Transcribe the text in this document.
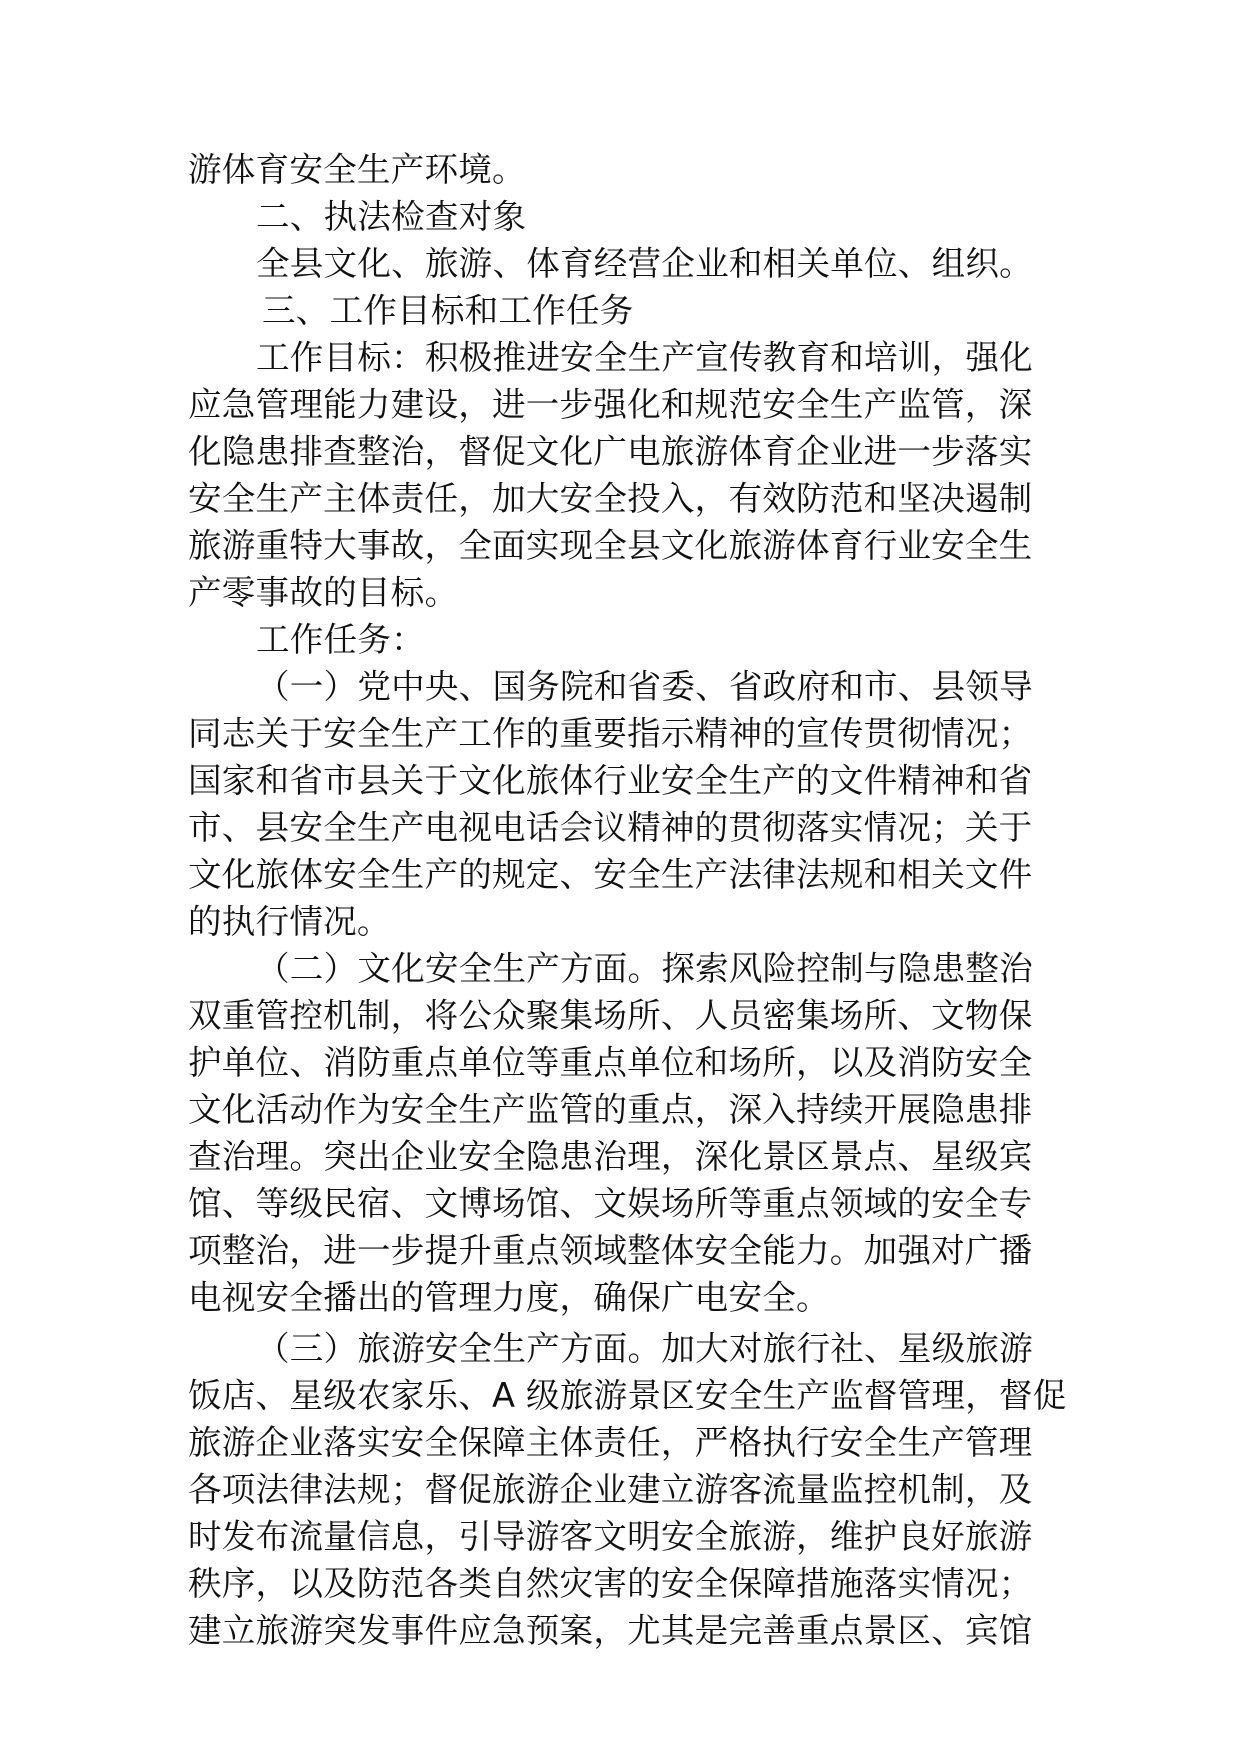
游体育安全生产环境。
二、执法检查对象
全县文化、旅游、体育经营企业和相关单位、组织。
三、工作目标和工作任务
工作目标：积极推进安全生产宣传教育和培训，强化
应急管理能力建设，进一步强化和规范安全生产监管，深
化隐患排查整治，督促文化广电旅游体育企业进一步落实
安全生产主体责任，加大安全投入，有效防范和坚决遏制
旅游重特大事故，全面实现全县文化旅游体育行业安全生
产零事故的目标。
工作任务：
（一）党中央、国务院和省委、省政府和市、县领导
同志关于安全生产工作的重要指示精神的宣传贯彻情况；
国家和省市县关于文化旅体行业安全生产的文件精神和省
市、县安全生产电视电话会议精神的贯彻落实情况；关于
文化旅体安全生产的规定、安全生产法律法规和相关文件
的执行情况。
（二）文化安全生产方面。探索风险控制与隐患整治
双重管控机制，将公众聚集场所、人员密集场所、文物保
护单位、消防重点单位等重点单位和场所，以及消防安全
文化活动作为安全生产监管的重点，深入持续开展隐患排
查治理。突出企业安全隐患治理，深化景区景点、星级宾
馆、等级民宿、文博场馆、文娱场所等重点领域的安全专
项整治，进一步提升重点领域整体安全能力。加强对广播
电视安全播出的管理力度，确保广电安全。
（三）旅游安全生产方面。加大对旅行社、星级旅游
饭店、星级农家乐、A 级旅游景区安全生产监督管理，督促
旅游企业落实安全保障主体责任，严格执行安全生产管理
各项法律法规；督促旅游企业建立游客流量监控机制，及
时发布流量信息，引导游客文明安全旅游，维护良好旅游
秩序，以及防范各类自然灾害的安全保障措施落实情况；
建立旅游突发事件应急预案，尤其是完善重点景区、宾馆
